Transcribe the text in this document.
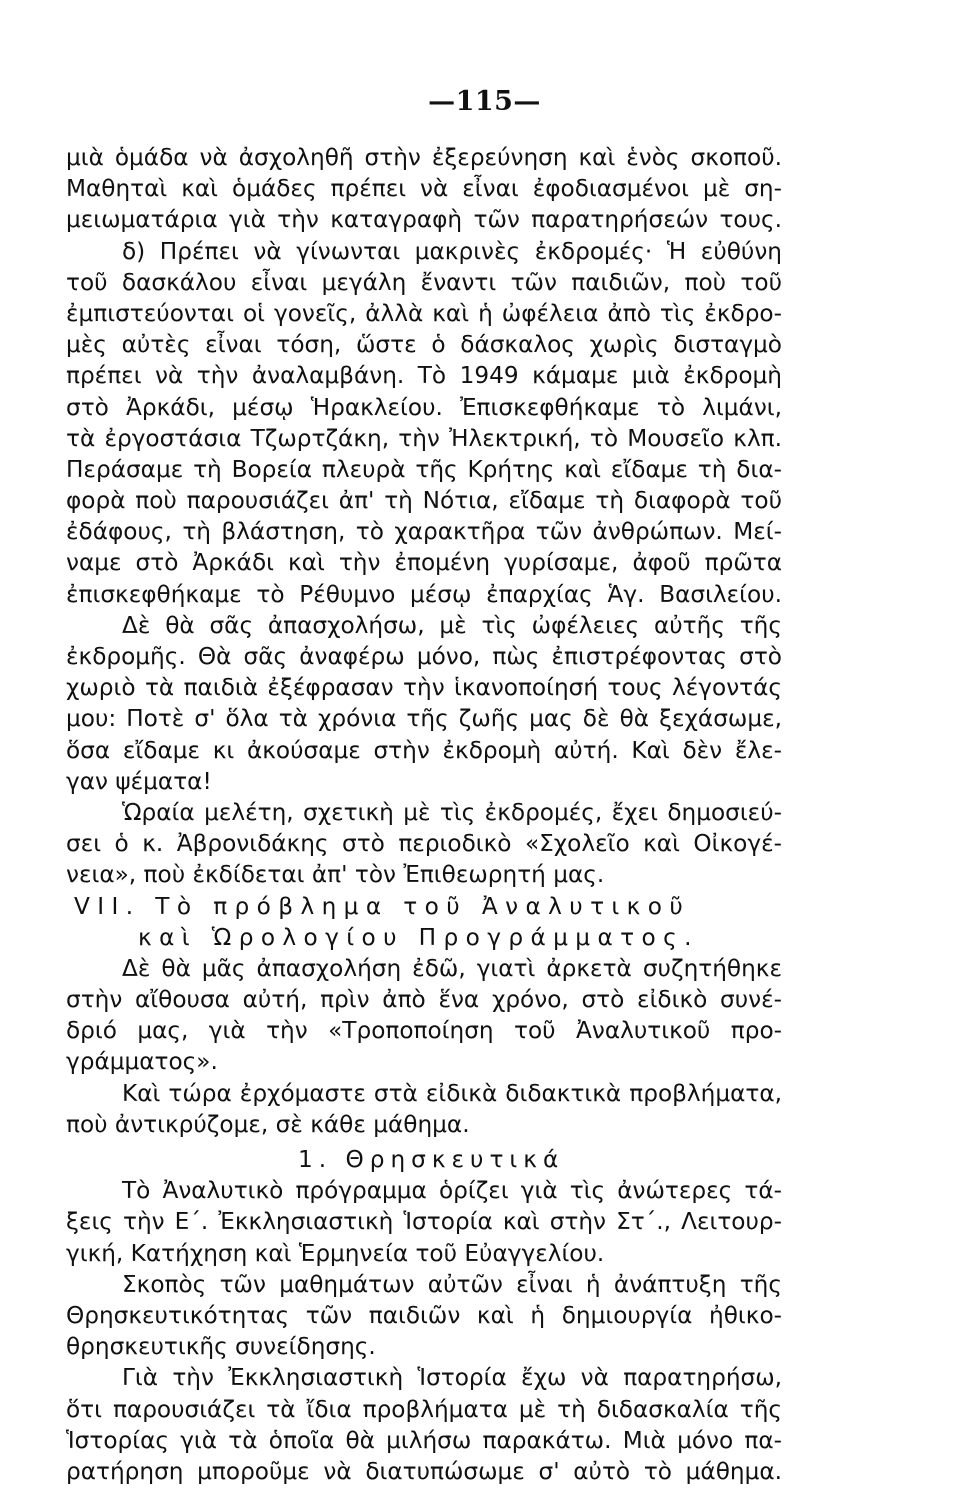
—115—
μιὰ ὁμάδα νὰ ἀσχοληθῆ στὴν ἐξερεύνηση καὶ ἑνὸς σκοποῦ.
Μαθηταὶ καὶ ὁμάδες πρέπει νὰ εἶναι ἐφοδιασμένοι μὲ ση-
μειωματάρια γιὰ τὴν καταγραφὴ τῶν παρατηρήσεών τους.
δ) Πρέπει νὰ γίνωνται μακρινὲς ἐκδρομές· Ἡ εὐθύνη
τοῦ δασκάλου εἶναι μεγάλη ἔναντι τῶν παιδιῶν, ποὺ τοῦ
ἐμπιστεύονται οἱ γονεῖς, ἀλλὰ καὶ ἡ ὠφέλεια ἀπὸ τὶς ἐκδρο-
μὲς αὐτὲς εἶναι τόση, ὥστε ὁ δάσκαλος χωρὶς δισταγμὸ
πρέπει νὰ τὴν ἀναλαμβάνη. Τὸ 1949 κάμαμε μιὰ ἐκδρομὴ
στὸ Ἀρκάδι, μέσῳ Ἡρακλείου. Ἐπισκεφθήκαμε τὸ λιμάνι,
τὰ ἐργοστάσια Τζωρτζάκη, τὴν Ἠλεκτρική, τὸ Μουσεῖο κλπ.
Περάσαμε τὴ Βορεία πλευρὰ τῆς Κρήτης καὶ εἴδαμε τὴ δια-
φορὰ ποὺ παρουσιάζει ἀπ' τὴ Νότια, εἴδαμε τὴ διαφορὰ τοῦ
ἐδάφους, τὴ βλάστηση, τὸ χαρακτῆρα τῶν ἀνθρώπων. Μεί-
ναμε στὸ Ἀρκάδι καὶ τὴν ἐπομένη γυρίσαμε, ἀφοῦ πρῶτα
ἐπισκεφθήκαμε τὸ Ρέθυμνο μέσῳ ἐπαρχίας Ἁγ. Βασιλείου.
Δὲ θὰ σᾶς ἀπασχολήσω, μὲ τὶς ὠφέλειες αὐτῆς τῆς
ἐκδρομῆς. Θὰ σᾶς ἀναφέρω μόνο, πὼς ἐπιστρέφοντας στὸ
χωριὸ τὰ παιδιὰ ἐξέφρασαν τὴν ἱκανοποίησή τους λέγοντάς
μου: Ποτὲ σ' ὅλα τὰ χρόνια τῆς ζωῆς μας δὲ θὰ ξεχάσωμε,
ὅσα εἴδαμε κι ἀκούσαμε στὴν ἐκδρομὴ αὐτή. Καὶ δὲν ἔλε-
γαν ψέματα!
Ὡραία μελέτη, σχετικὴ μὲ τὶς ἐκδρομές, ἔχει δημοσιεύ-
σει ὁ κ. Ἀβρονιδάκης στὸ περιοδικὸ «Σχολεῖο καὶ Οἰκογέ-
νεια», ποὺ ἐκδίδεται ἀπ' τὸν Ἐπιθεωρητή μας.
VII. Τὸ πρόβλημα τοῦ Ἀναλυτικοῦ
καὶ Ὡρολογίου Προγράμματος.
Δὲ θὰ μᾶς ἀπασχολήση ἐδῶ, γιατὶ ἀρκετὰ συζητήθηκε
στὴν αἴθουσα αὐτή, πρὶν ἀπὸ ἕνα χρόνο, στὸ εἰδικὸ συνέ-
δριό μας, γιὰ τὴν «Τροποποίηση τοῦ Ἀναλυτικοῦ προ-
γράμματος».
Καὶ τώρα ἐρχόμαστε στὰ εἰδικὰ διδακτικὰ προβλήματα,
ποὺ ἀντικρύζομε, σὲ κάθε μάθημα.
1. Θρησκευτικά
Τὸ Ἀναλυτικὸ πρόγραμμα ὁρίζει γιὰ τὶς ἀνώτερες τά-
ξεις τὴν Ε΄. Ἐκκλησιαστικὴ Ἱστορία καὶ στὴν Στ΄., Λειτουρ-
γική, Κατήχηση καὶ Ἑρμηνεία τοῦ Εὐαγγελίου.
Σκοπὸς τῶν μαθημάτων αὐτῶν εἶναι ἡ ἀνάπτυξη τῆς
Θρησκευτικότητας τῶν παιδιῶν καὶ ἡ δημιουργία ἠθικο-
θρησκευτικῆς συνείδησης.
Γιὰ τὴν Ἐκκλησιαστικὴ Ἱστορία ἔχω νὰ παρατηρήσω,
ὅτι παρουσιάζει τὰ ἴδια προβλήματα μὲ τὴ διδασκαλία τῆς
Ἱστορίας γιὰ τὰ ὁποῖα θὰ μιλήσω παρακάτω. Μιὰ μόνο πα-
ρατήρηση μποροῦμε νὰ διατυπώσωμε σ' αὐτὸ τὸ μάθημα.
